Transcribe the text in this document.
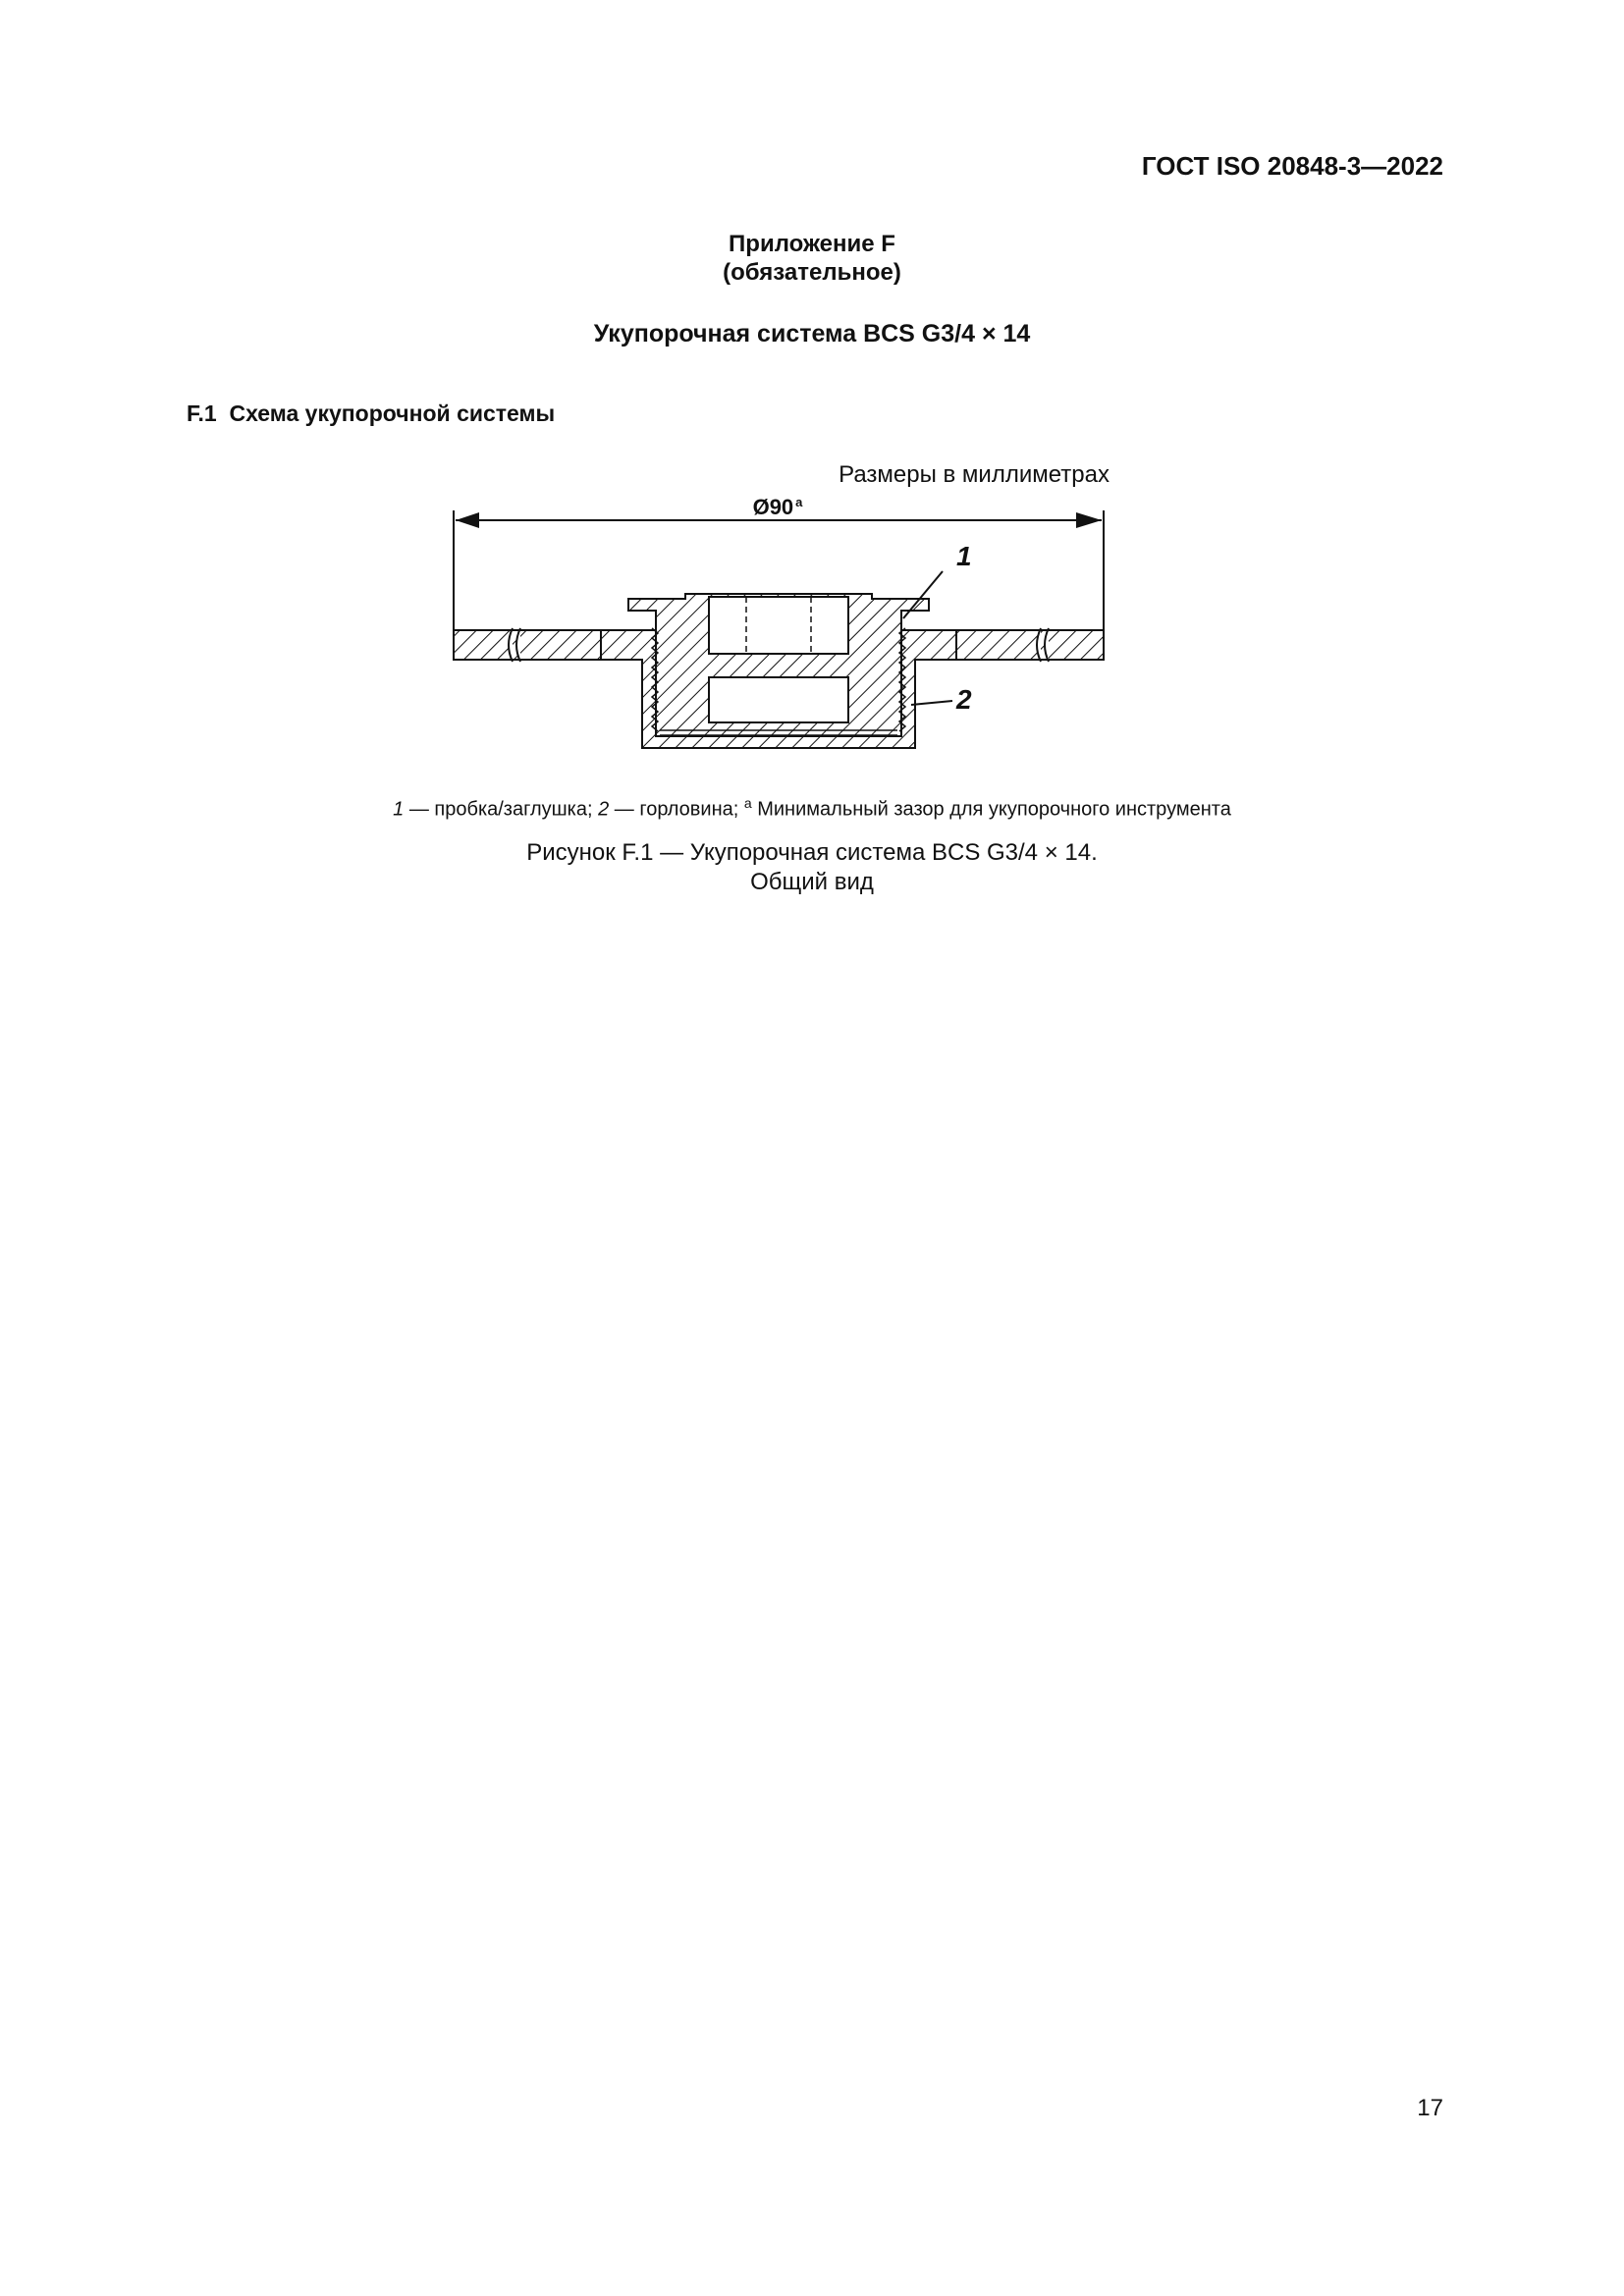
ГОСТ ISO 20848-3—2022
Приложение F
(обязательное)
Укупорочная система BCS G3/4 × 14
F.1 Схема укупорочной системы
Размеры в миллиметрах
Ø90 $^a$
1
2
1 — пробка/заглушка; 2 — горловина; $^a$ Минимальный зазор для укупорочного инструмента
Рисунок F.1 — Укупорочная система BCS G3/4 × 14.
Общий вид
17
